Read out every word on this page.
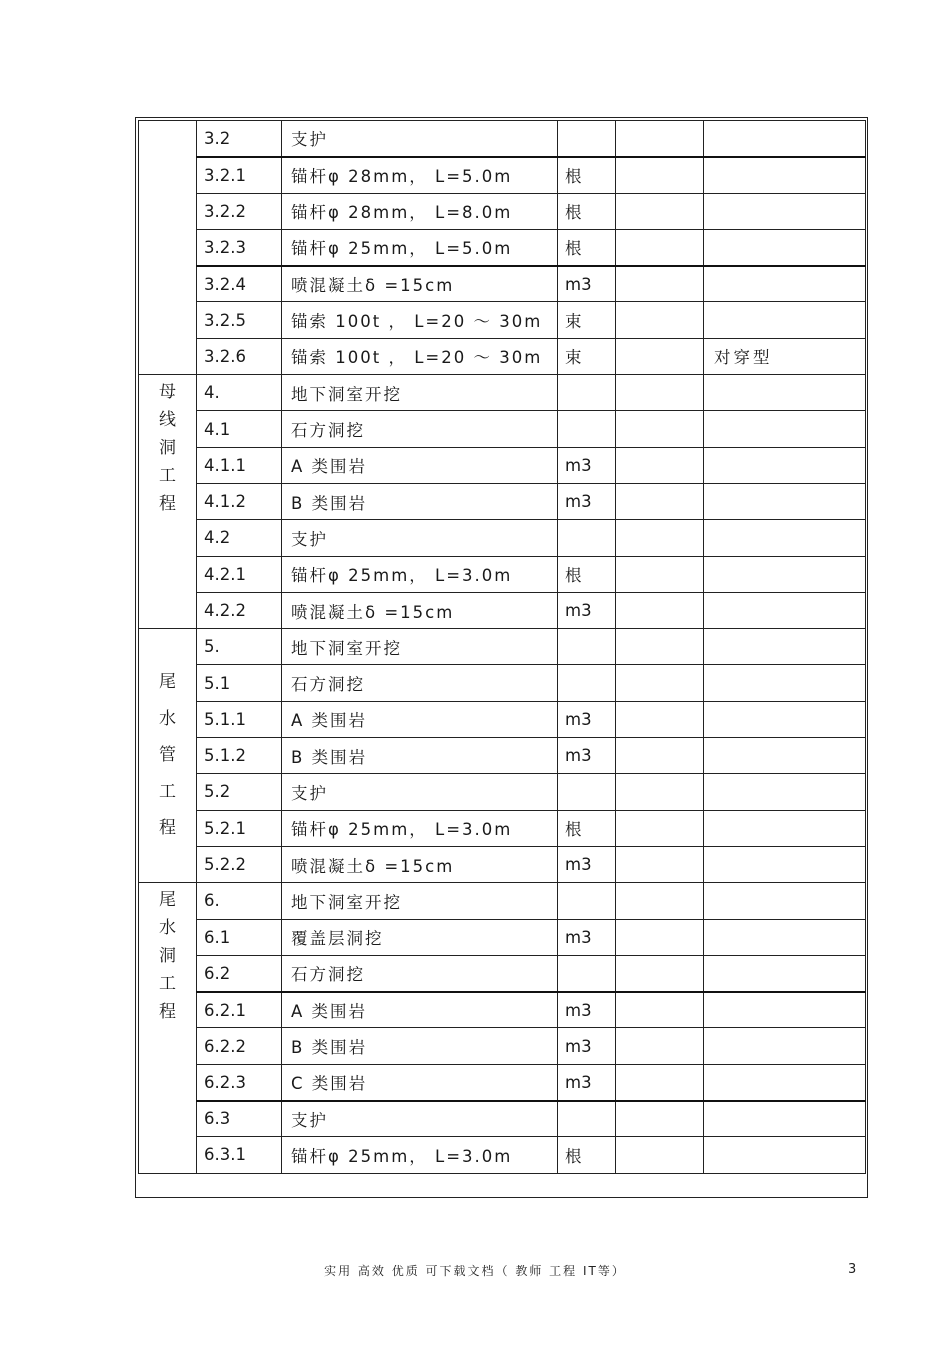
	3.2	支护			
	3.2.1	锚杆φ 28mm， L=5.0m	根		
	3.2.2	锚杆φ 28mm， L=8.0m	根		
	3.2.3	锚杆φ 25mm， L=5.0m	根		
	3.2.4	喷混凝土δ =15cm	m3		
	3.2.5	锚索 100t ， L=20 ～ 30m	束		
	3.2.6	锚索 100t ， L=20 ～ 30m	束		对穿型

母
线
洞
工
程	4.	地下洞室开挖			
	4.1	石方洞挖			
	4.1.1	A 类围岩	m3		
	4.1.2	B 类围岩	m3		
	4.2	支护			
	4.2.1	锚杆φ 25mm， L=3.0m	根		
	4.2.2	喷混凝土δ =15cm	m3		

尾
水
管
工
程	5.	地下洞室开挖			
	5.1	石方洞挖			
	5.1.1	A 类围岩	m3		
	5.1.2	B 类围岩	m3		
	5.2	支护			
	5.2.1	锚杆φ 25mm， L=3.0m	根		
	5.2.2	喷混凝土δ =15cm	m3		

尾
水
洞
工
程	6.	地下洞室开挖			
	6.1	覆盖层洞挖	m3		
	6.2	石方洞挖			
	6.2.1	A 类围岩	m3		
	6.2.2	B 类围岩	m3		
	6.2.3	C 类围岩	m3		
	6.3	支护			
	6.3.1	锚杆φ 25mm， L=3.0m	根		
实用 高效 优质 可下载文档（ 教师 工程 IT等）	3
